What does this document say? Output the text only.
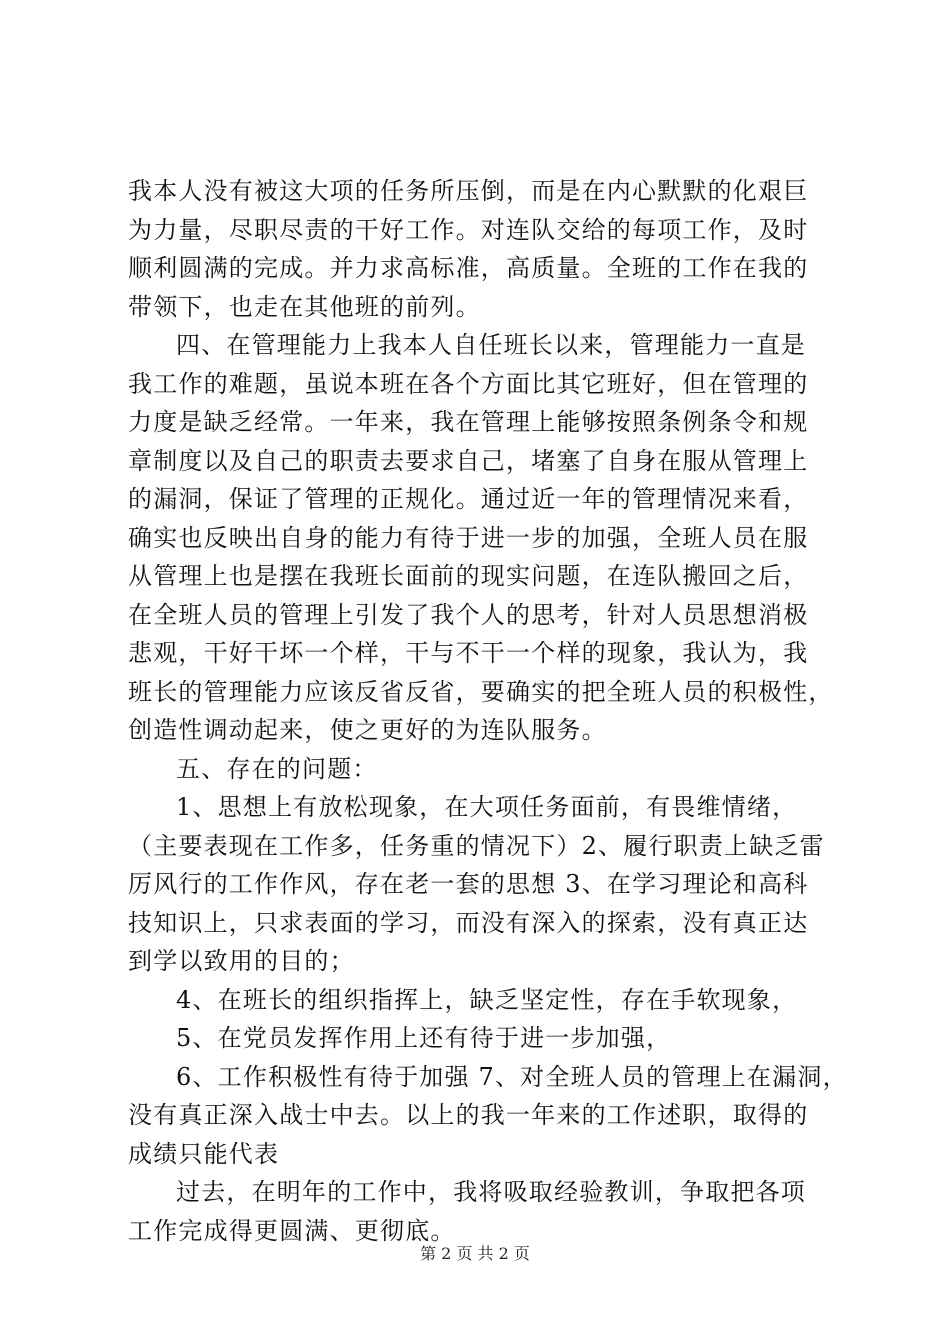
我本人没有被这大项的任务所压倒，而是在内心默默的化艰巨
为力量，尽职尽责的干好工作。对连队交给的每项工作，及时
顺利圆满的完成。并力求高标准，高质量。全班的工作在我的
带领下，也走在其他班的前列。
四、在管理能力上我本人自任班长以来，管理能力一直是
我工作的难题，虽说本班在各个方面比其它班好，但在管理的
力度是缺乏经常。一年来，我在管理上能够按照条例条令和规
章制度以及自己的职责去要求自己，堵塞了自身在服从管理上
的漏洞，保证了管理的正规化。通过近一年的管理情况来看，
确实也反映出自身的能力有待于进一步的加强，全班人员在服
从管理上也是摆在我班长面前的现实问题，在连队搬回之后，
在全班人员的管理上引发了我个人的思考，针对人员思想消极
悲观，干好干坏一个样，干与不干一个样的现象，我认为，我
班长的管理能力应该反省反省，要确实的把全班人员的积极性，
创造性调动起来，使之更好的为连队服务。
五、存在的问题：
1、思想上有放松现象，在大项任务面前，有畏维情绪，
（主要表现在工作多，任务重的情况下）2、履行职责上缺乏雷
厉风行的工作作风，存在老一套的思想 3、在学习理论和高科
技知识上，只求表面的学习，而没有深入的探索，没有真正达
到学以致用的目的；
4、在班长的组织指挥上，缺乏坚定性，存在手软现象，
5、在党员发挥作用上还有待于进一步加强，
6、工作积极性有待于加强 7、对全班人员的管理上在漏洞，
没有真正深入战士中去。以上的我一年来的工作述职，取得的
成绩只能代表
过去，在明年的工作中，我将吸取经验教训，争取把各项
工作完成得更圆满、更彻底。
第 2 页 共 2 页
